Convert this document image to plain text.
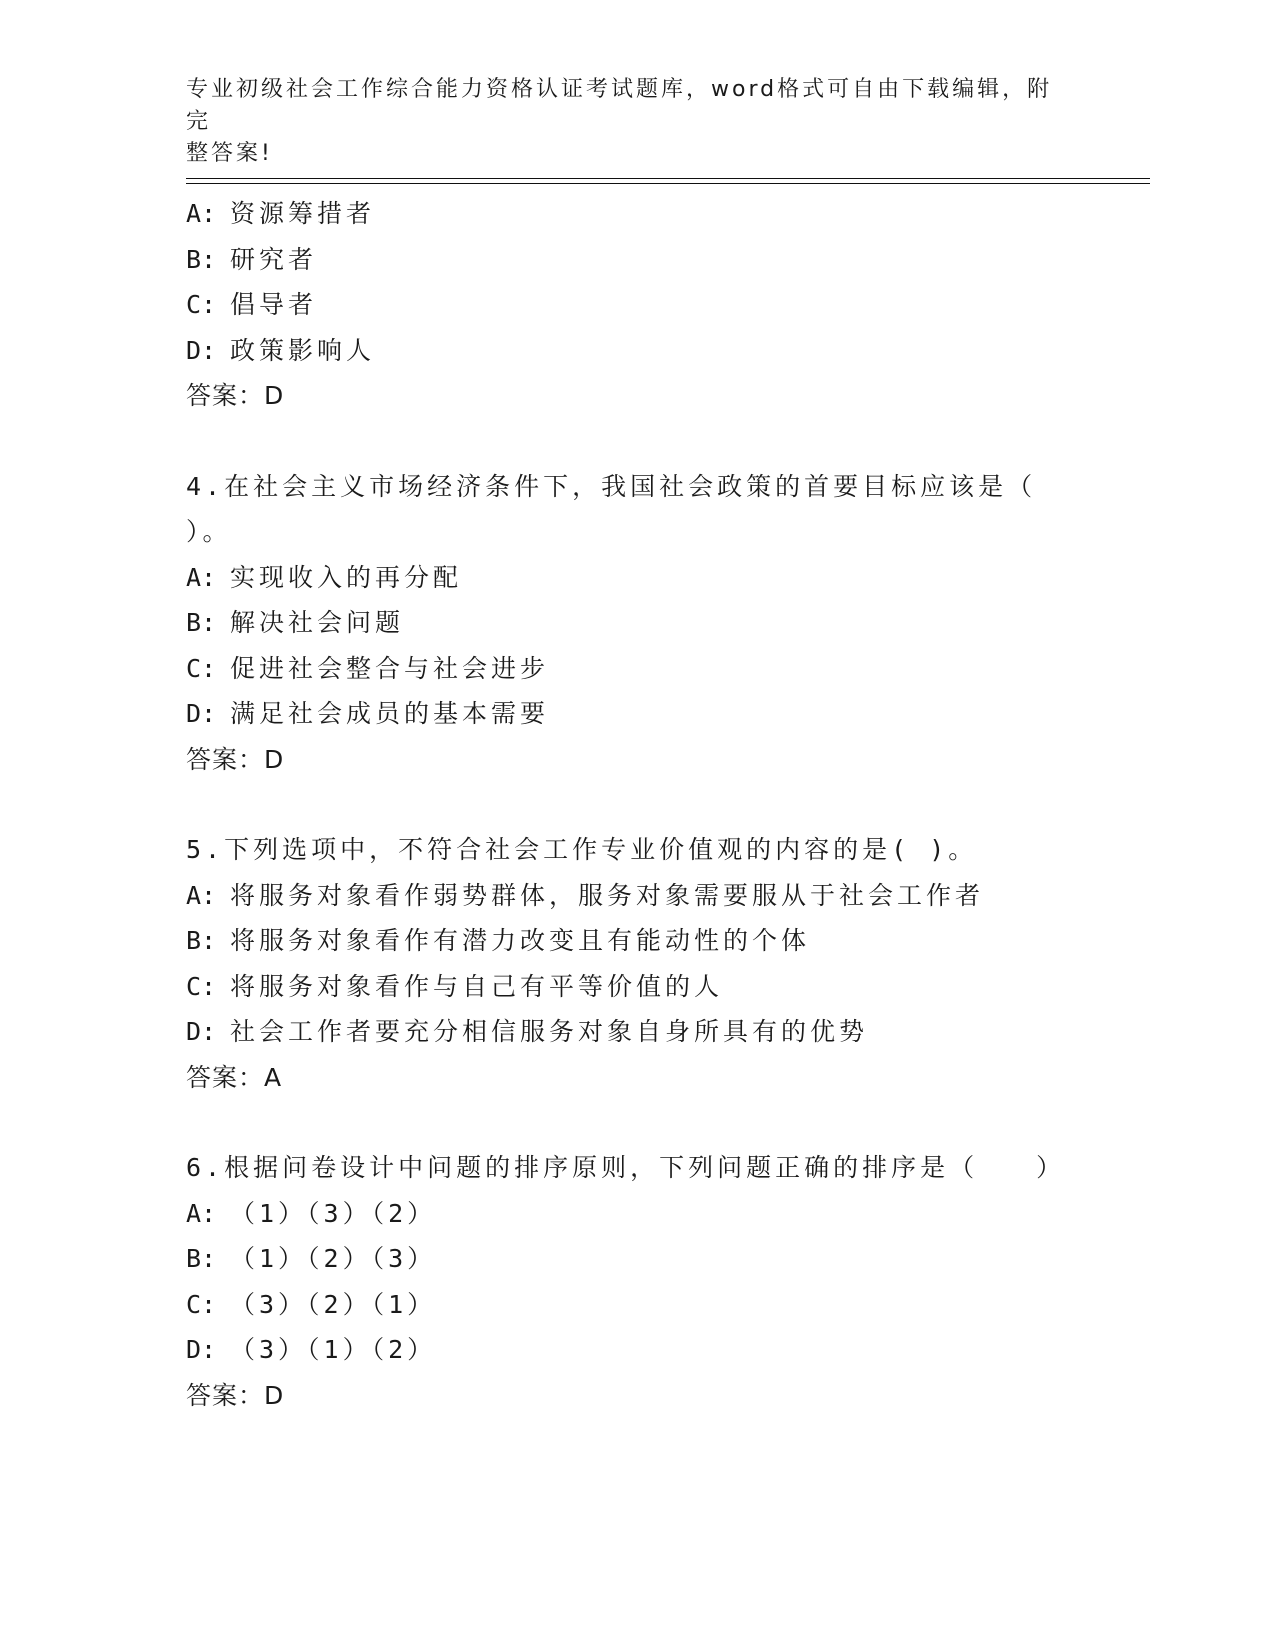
专业初级社会工作综合能力资格认证考试题库，word格式可自由下载编辑，附完
整答案!
A: 资源筹措者
B: 研究者
C: 倡导者
D: 政策影响人
答案：D
4.在社会主义市场经济条件下，我国社会政策的首要目标应该是（
）。
A: 实现收入的再分配
B: 解决社会问题
C: 促进社会整合与社会进步
D: 满足社会成员的基本需要
答案：D
5.下列选项中，不符合社会工作专业价值观的内容的是( )。
A: 将服务对象看作弱势群体，服务对象需要服从于社会工作者
B: 将服务对象看作有潜力改变且有能动性的个体
C: 将服务对象看作与自己有平等价值的人
D: 社会工作者要充分相信服务对象自身所具有的优势
答案：A
6.根据问卷设计中问题的排序原则，下列问题正确的排序是（　　）
A: （1）（3）（2）
B: （1）（2）（3）
C: （3）（2）（1）
D: （3）（1）（2）
答案：D
